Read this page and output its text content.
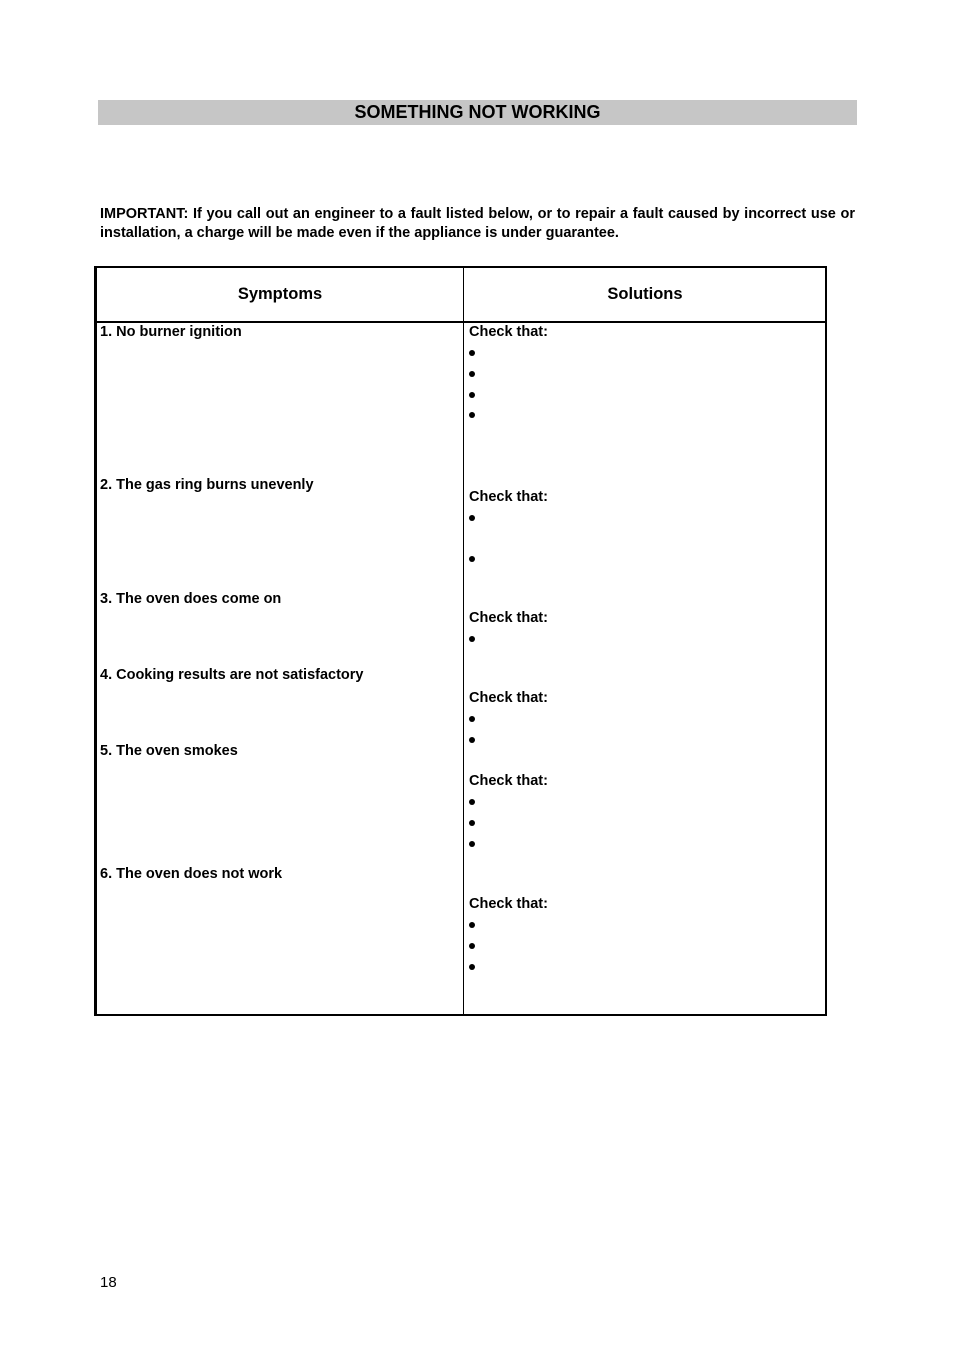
SOMETHING NOT WORKING
IMPORTANT: If you call out an engineer to a fault listed below, or to repair a fault caused by incorrect use or installation, a charge will be made even if the appliance is under guarantee.
Symptoms	Solutions
1. No burner ignition
2. The gas ring burns unevenly
3. The oven does come on
4. Cooking results are not satisfactory
5. The oven smokes
6. The oven does not work
Check that:
Check that:
Check that:
Check that:
Check that:
Check that:
18
